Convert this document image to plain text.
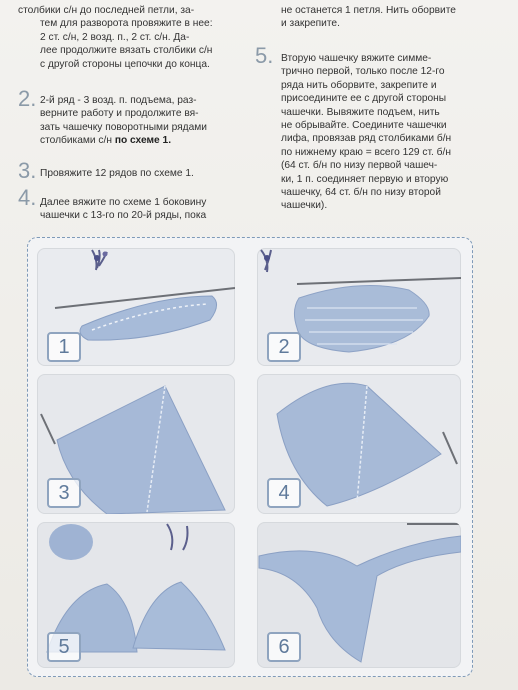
столбики с/н до последней петли, за-
тем для разворота провяжите в нее:
2 ст. с/н, 2 возд. п., 2 ст. с/н. Да-
лее продолжите вязать столбики с/н
с другой стороны цепочки до конца.
2. 2-й ряд - 3 возд. п. подъема, раз-
верните работу и продолжите вя-
зать чашечку поворотными рядами
столбиками с/н по схеме 1.
3. Провяжите 12 рядов по схеме 1.
4. Далее вяжите по схеме 1 боковину
чашечки с 13-го по 20-й ряды, пока
не останется 1 петля. Нить оборвите
и закрепите.
5. Вторую чашечку вяжите симме-
трично первой, только после 12-го
ряда нить оборвите, закрепите и
присоедините ее с другой стороны
чашечки. Вывяжите подъем, нить
не обрывайте. Соедините чашечки
лифа, провязав ряд столбиками б/н
по нижнему краю = всего 129 ст. б/н
(64 ст. б/н по низу первой чашеч-
ки, 1 п. соединяет первую и вторую
чашечку, 64 ст. б/н по низу второй
чашечки).
1	2
3	4
5	6
